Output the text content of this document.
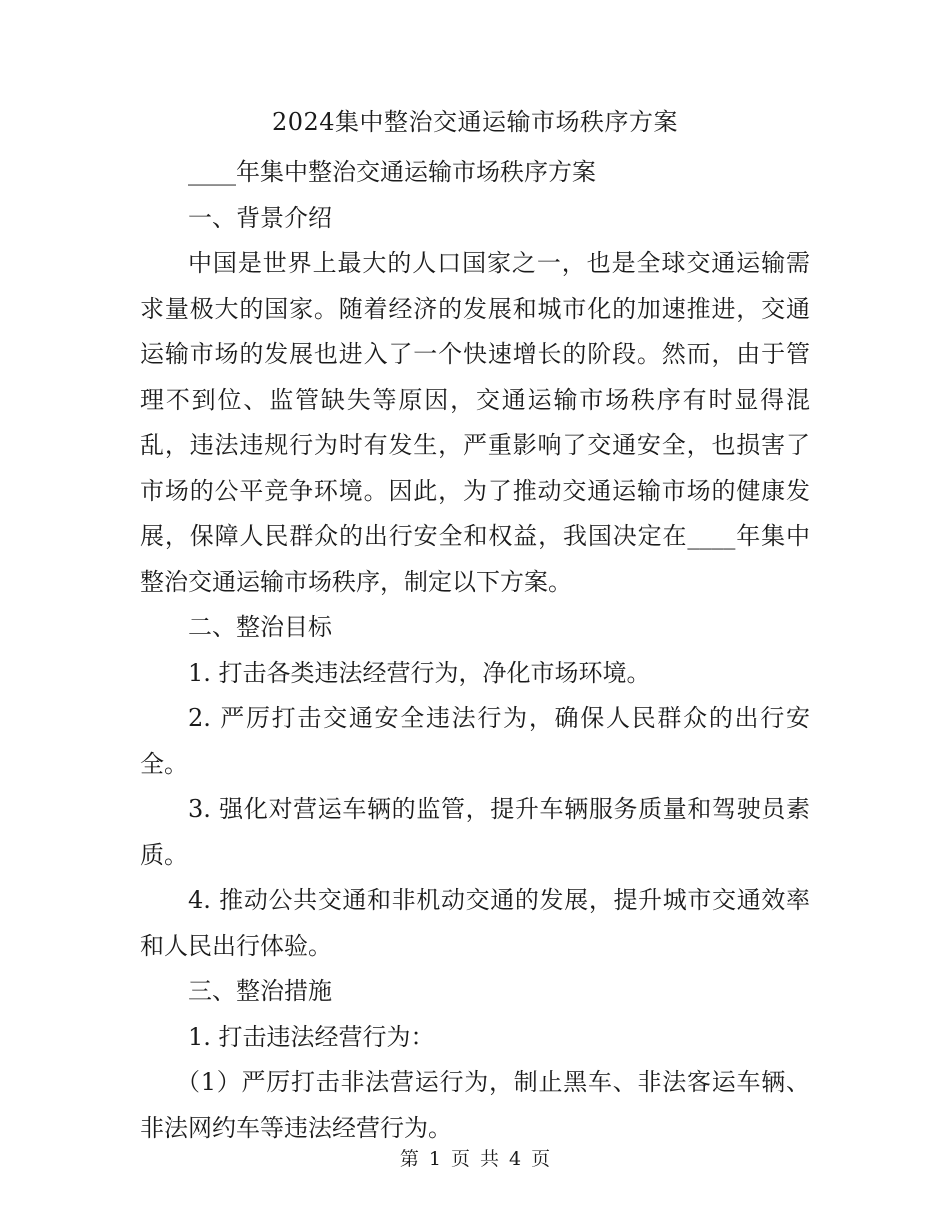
2024集中整治交通运输市场秩序方案

____年集中整治交通运输市场秩序方案

一、背景介绍

中国是世界上最大的人口国家之一，也是全球交通运输需求量极大的国家。随着经济的发展和城市化的加速推进，交通运输市场的发展也进入了一个快速增长的阶段。然而，由于管理不到位、监管缺失等原因，交通运输市场秩序有时显得混乱，违法违规行为时有发生，严重影响了交通安全，也损害了市场的公平竞争环境。因此，为了推动交通运输市场的健康发展，保障人民群众的出行安全和权益，我国决定在____年集中整治交通运输市场秩序，制定以下方案。

二、整治目标

1. 打击各类违法经营行为，净化市场环境。

2. 严厉打击交通安全违法行为，确保人民群众的出行安全。

3. 强化对营运车辆的监管，提升车辆服务质量和驾驶员素质。

4. 推动公共交通和非机动交通的发展，提升城市交通效率和人民出行体验。

三、整治措施

1. 打击违法经营行为：

（1）严厉打击非法营运行为，制止黑车、非法客运车辆、非法网约车等违法经营行为。

第 1 页 共 4 页
